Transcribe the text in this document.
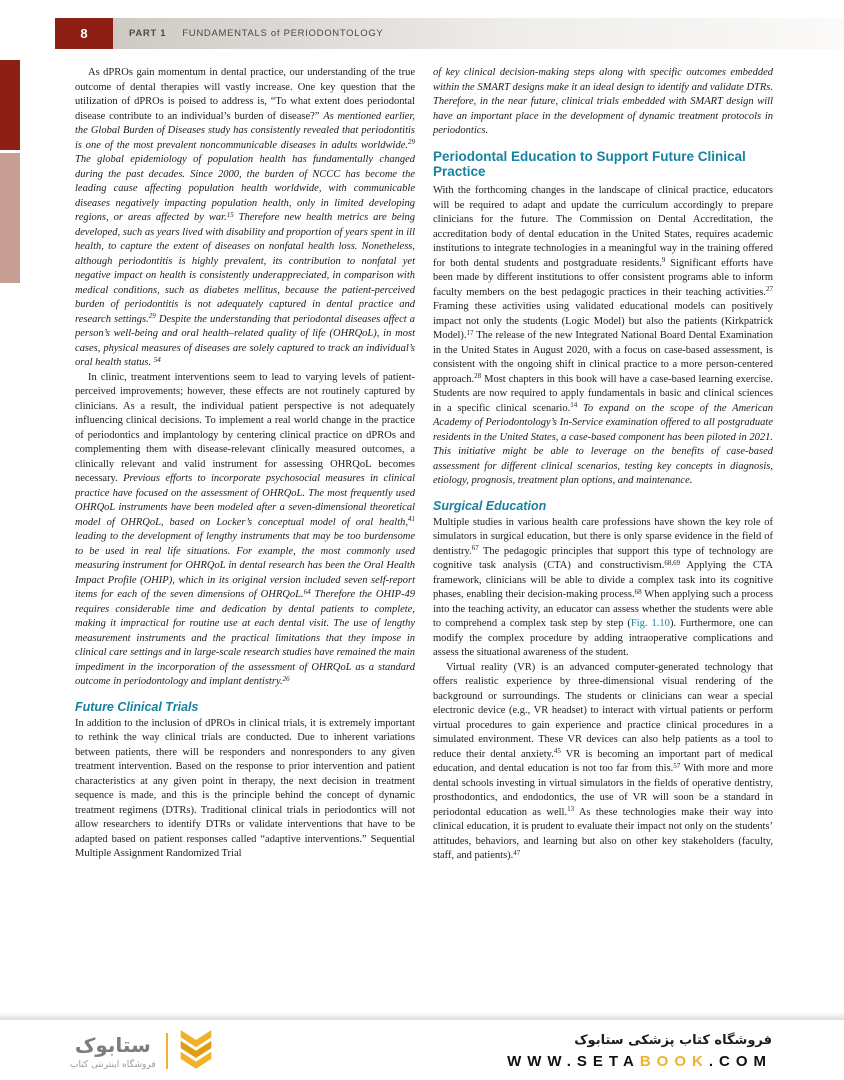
8	PART 1 FUNDAMENTALS of PERIODONTOLOGY

As dPROs gain momentum in dental practice, our understanding of the true outcome of dental therapies will vastly increase. One key question that the utilization of dPROs is poised to address is, “To what extent does periodontal disease contribute to an individual’s burden of disease?” As mentioned earlier, the Global Burden of Diseases study has consistently revealed that periodontitis is one of the most prevalent noncommunicable diseases in adults worldwide.$^{29}$ The global epidemiology of population health has fundamentally changed during the past decades. Since 2000, the burden of NCCC has become the leading cause affecting population health worldwide, with communicable diseases negatively impacting population health, only in limited developing regions, or areas affected by war.$^{15}$ Therefore new health metrics are being developed, such as years lived with disability and proportion of years spent in ill health, to capture the extent of diseases on nonfatal health loss. Nonetheless, although periodontitis is highly prevalent, its contribution to nonfatal yet negative impact on health is consistently underappreciated, in comparison with medical conditions, such as diabetes mellitus, because the patient-perceived burden of periodontitis is not adequately captured in dental practice and research settings.$^{29}$ Despite the understanding that periodontal diseases affect a person’s well-being and oral health–related quality of life (OHRQoL), in most cases, physical measures of diseases are solely captured to track an individual’s oral health status. $^{54}$

In clinic, treatment interventions seem to lead to varying levels of patient-perceived improvements; however, these effects are not routinely captured by clinicians. As a result, the individual patient perspective is not adequately influencing clinical decisions. To implement a real world change in the practice of periodontics and implantology by centering clinical practice on dPROs and complementing them with disease-relevant clinically measured outcomes, a clinically relevant and valid instrument for assessing OHRQoL becomes necessary. Previous efforts to incorporate psychosocial measures in clinical practice have focused on the assessment of OHRQoL. The most frequently used OHRQoL instruments have been modeled after a seven-dimensional theoretical model of OHRQoL, based on Locker’s conceptual model of oral health,$^{41}$ leading to the development of lengthy instruments that may be too burdensome to be used in real life situations. For example, the most commonly used measuring instrument for OHRQoL in dental research has been the Oral Health Impact Profile (OHIP), which in its original version included seven self-report items for each of the seven dimensions of OHRQoL.$^{64}$ Therefore the OHIP-49 requires considerable time and dedication by dental patients to complete, making it impractical for routine use at each dental visit. The use of lengthy measurement instruments and the practical limitations that they impose in clinical care settings and in large-scale research studies have remained the main impediment in the incorporation of the assessment of OHRQoL as a standard outcome in periodontology and implant dentistry.$^{26}$

Future Clinical Trials

In addition to the inclusion of dPROs in clinical trials, it is extremely important to rethink the way clinical trials are conducted. Due to inherent variations between patients, there will be responders and nonresponders to any given treatment intervention. Based on the response to prior intervention and patient characteristics at any given point in therapy, the next decision in treatment sequence is made, and this is the principle behind the concept of dynamic treatment regimens (DTRs). Traditional clinical trials in periodontics will not allow researchers to identify DTRs or validate interventions that have to be adapted based on patient responses called “adaptive interventions.” Sequential Multiple Assignment Randomized Trial

of key clinical decision-making steps along with specific outcomes embedded within the SMART designs make it an ideal design to identify and validate DTRs. Therefore, in the near future, clinical trials embedded with SMART design will have an important place in the development of dynamic treatment protocols in periodontics.

Periodontal Education to Support Future Clinical Practice

With the forthcoming changes in the landscape of clinical practice, educators will be required to adapt and update the curriculum accordingly to prepare clinicians for the future. The Commission on Dental Accreditation, the accreditation body of dental education in the United States, requires academic institutions to integrate technologies in a meaningful way in the training offered for both dental students and postgraduate residents.$^9$ Significant efforts have been made by different institutions to offer consistent programs able to inform faculty members on the best pedagogic practices in their teaching activities.$^{27}$ Framing these activities using validated educational models can positively impact not only the students (Logic Model) but also the patients (Kirkpatrick Model).$^{17}$ The release of the new Integrated National Board Dental Examination in the United States in August 2020, with a focus on case-based assessment, is consistent with the ongoing shift in clinical practice to a more person-centered approach.$^{28}$ Most chapters in this book will have a case-based learning exercise. Students are now required to apply fundamentals in basic and clinical sciences in a specific clinical scenario.$^{14}$ To expand on the scope of the American Academy of Periodontology’s In-Service examination offered to all postgraduate residents in the United States, a case-based component has been piloted in 2021. This initiative might be able to leverage on the benefits of case-based assessment for different clinical scenarios, testing key concepts in diagnosis, etiology, prognosis, treatment plan options, and maintenance.

Surgical Education

Multiple studies in various health care professions have shown the key role of simulators in surgical education, but there is only sparse evidence in the field of dentistry.$^{67}$ The pedagogic principles that support this type of technology are cognitive task analysis (CTA) and constructivism.$^{68,69}$ Applying the CTA framework, clinicians will be able to divide a complex task into its cognitive phases, enabling their decision-making process.$^{68}$ When applying such a process into the teaching activity, an educator can assess whether the students were able to comprehend a complex task step by step (Fig. 1.10). Furthermore, one can modify the complex procedure by adding intraoperative complications and assess the situational awareness of the student.

Virtual reality (VR) is an advanced computer-generated technology that offers realistic experience by three-dimensional visual rendering of the background or surroundings. The students or clinicians can wear a special electronic device (e.g., VR headset) to interact with virtual patients or perform virtual procedures to gain experience and practice clinical procedures in a simulated environment. These VR devices can also help patients as a tool to reduce their dental anxiety.$^{45}$ VR is becoming an important part of medical education, and dental education is not too far from this.$^{57}$ With more and more dental schools investing in virtual simulators in the fields of operative dentistry, prosthodontics, and endodontics, the use of VR will soon be a standard in periodontal education as well.$^{13}$ As these technologies make their way into clinical education, it is prudent to evaluate their impact not only on the students’ attitudes, behaviors, and learning but also on other key stakeholders (faculty, staff, and patients).$^{47}$

ستابوک
فروشگاه اینترنتی کتاب
فروشگاه کتاب پزشکی ستابوک
WWW.SETABOOK.COM
